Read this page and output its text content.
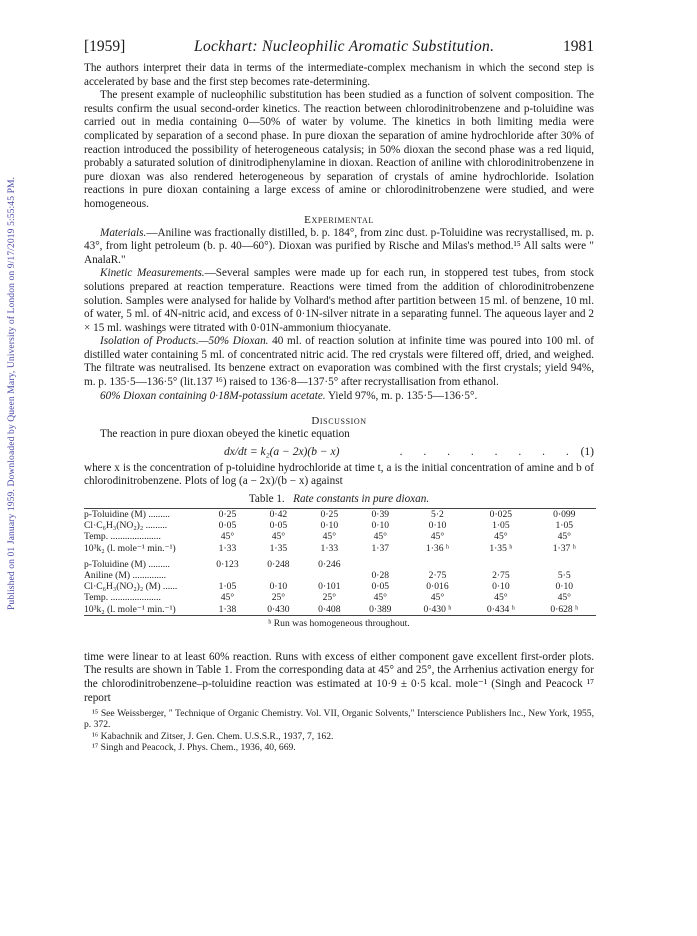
Published on 01 January 1959. Downloaded by Queen Mary, University of London on 9/17/2019 5:55:45 PM.
[1959]	Lockhart: Nucleophilic Aromatic Substitution.	1981

The authors interpret their data in terms of the intermediate-complex mechanism in which the second step is accelerated by base and the first step becomes rate-determining.

The present example of nucleophilic substitution has been studied as a function of solvent composition. The results confirm the usual second-order kinetics. The reaction between chlorodinitrobenzene and p-toluidine was carried out in media containing 0—50% of water by volume. The kinetics in both limiting media were complicated by separation of a second phase. In pure dioxan the separation of amine hydrochloride after 30% of reaction introduced the possibility of heterogeneous catalysis; in 50% dioxan the second phase was a red liquid, probably a saturated solution of dinitrodiphenylamine in dioxan. Reaction of aniline with chlorodinitrobenzene in pure dioxan was also rendered heterogeneous by separation of crystals of amine hydrochloride. Isolation reactions in pure dioxan containing a large excess of amine or chlorodinitrobenzene were studied, and were homogeneous.

Experimental

Materials.—Aniline was fractionally distilled, b. p. 184°, from zinc dust. p-Toluidine was recrystallised, m. p. 43°, from light petroleum (b. p. 40—60°). Dioxan was purified by Rische and Milas's method.¹⁵ All salts were " AnalaR."

Kinetic Measurements.—Several samples were made up for each run, in stoppered test tubes, from stock solutions prepared at reaction temperature. Reactions were timed from the addition of chlorodinitrobenzene solution. Samples were analysed for halide by Volhard's method after partition between 15 ml. of benzene, 10 ml. of water, 5 ml. of 4N-nitric acid, and excess of 0·1N-silver nitrate in a separating funnel. The aqueous layer and 2 × 15 ml. washings were titrated with 0·01N-ammonium thiocyanate.

Isolation of Products.—50% Dioxan. 40 ml. of reaction solution at infinite time was poured into 100 ml. of distilled water containing 5 ml. of concentrated nitric acid. The red crystals were filtered off, dried, and weighed. The filtrate was neutralised. Its benzene extract on evaporation was combined with the first crystals; yield 94%, m. p. 135·5—136·5° (lit.137 ¹⁶) raised to 136·8—137·5° after recrystallisation from ethanol.

60% Dioxan containing 0·18M-potassium acetate. Yield 97%, m. p. 135·5—136·5°.

Discussion

The reaction in pure dioxan obeyed the kinetic equation

dx/dt = k₂(a − 2x)(b − x)	. . . . . . . . (1)

where x is the concentration of p-toluidine hydrochloride at time t, a is the initial concentration of amine and b of chlorodinitrobenzene. Plots of log (a − 2x)/(b − x) against

Table 1. Rate constants in pure dioxan.
p-Toluidine (M) .........	0·25	0·42	0·25	0·39	5·2	0·025	0·099
Cl·C₆H₃(NO₂)₂ .........	0·05	0·05	0·10	0·10	0·10	1·05	1·05
Temp. .....................	45°	45°	45°	45°	45°	45°	45°
10³k₂ (l. mole⁻¹ min.⁻¹)	1·33	1·35	1·33	1·37	1·36 ʰ	1·35 ʰ	1·37 ʰ

p-Toluidine (M) .........	0·123	0·248	0·246				
Aniline (M) ..............				0·28	2·75	2·75	5·5
Cl·C₆H₃(NO₂)₂ (M) ......	1·05	0·10	0·101	0·05	0·016	0·10	0·10
Temp. .....................	45°	25°	25°	45°	45°	45°	45°
10³k₂ (l. mole⁻¹ min.⁻¹)	1·38	0·430	0·408	0·389	0·430 ʰ	0·434 ʰ	0·628 ʰ
ʰ Run was homogeneous throughout.

time were linear to at least 60% reaction. Runs with excess of either component gave excellent first-order plots. The results are shown in Table 1. From the corresponding data at 45° and 25°, the Arrhenius activation energy for the chlorodinitrobenzene–p-toluidine reaction was estimated at 10·9 ± 0·5 kcal. mole⁻¹ (Singh and Peacock ¹⁷ report

¹⁵ See Weissberger, " Technique of Organic Chemistry. Vol. VII, Organic Solvents," Interscience Publishers Inc., New York, 1955, p. 372.

¹⁶ Kabachnik and Zitser, J. Gen. Chem. U.S.S.R., 1937, 7, 162.

¹⁷ Singh and Peacock, J. Phys. Chem., 1936, 40, 669.
